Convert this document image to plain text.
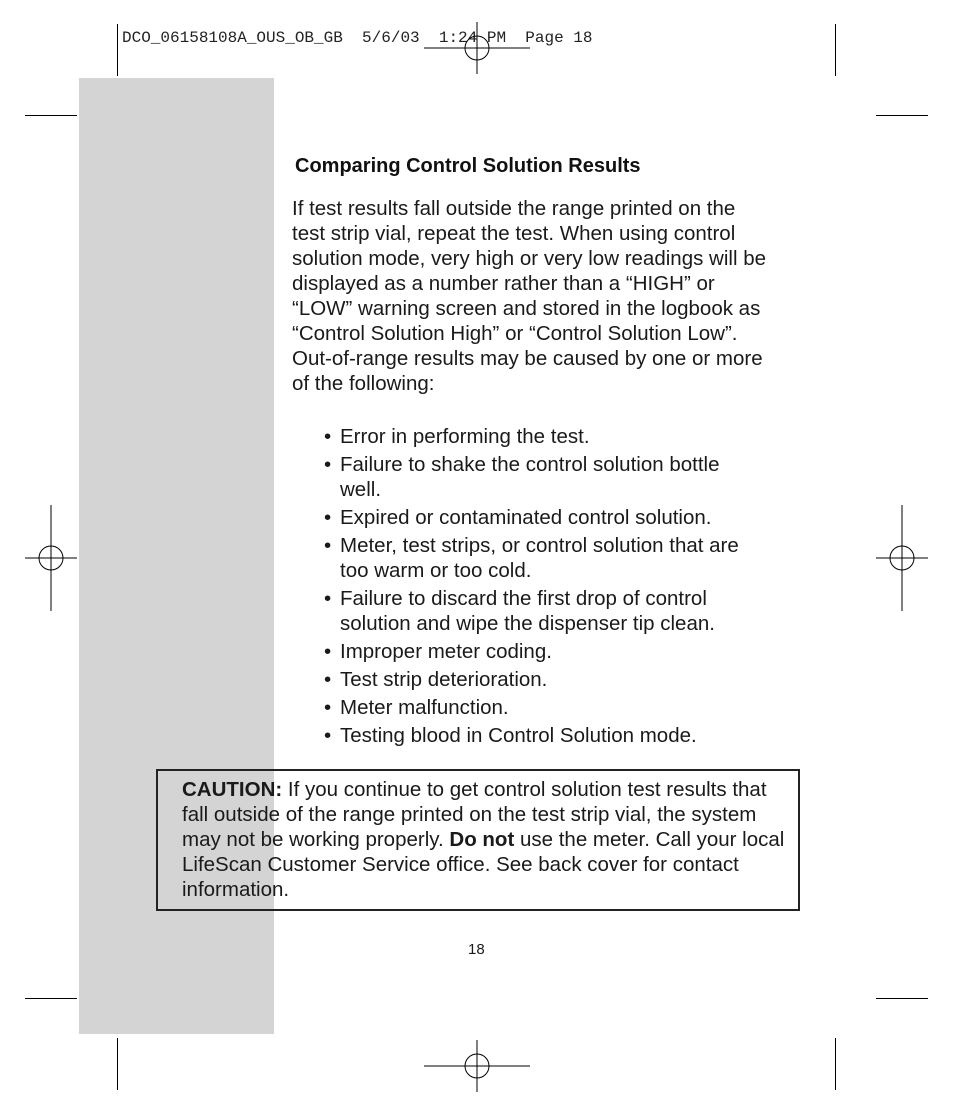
DCO_06158108A_OUS_OB_GB  5/6/03  1:24 PM  Page 18
Comparing Control Solution Results

If test results fall outside the range printed on the test strip vial, repeat the test. When using control solution mode, very high or very low readings will be displayed as a number rather than a “HIGH” or “LOW” warning screen and stored in the logbook as “Control Solution High” or “Control Solution Low”. Out-of-range results may be caused by one or more of the following:

• Error in performing the test.
• Failure to shake the control solution bottle well.
• Expired or contaminated control solution.
• Meter, test strips, or control solution that are too warm or too cold.
• Failure to discard the first drop of control solution and wipe the dispenser tip clean.
• Improper meter coding.
• Test strip deterioration.
• Meter malfunction.
• Testing blood in Control Solution mode.
CAUTION: If you continue to get control solution test results that fall outside of the range printed on the test strip vial, the system may not be working properly. Do not use the meter. Call your local LifeScan Customer Service office. See back cover for contact information.
18
